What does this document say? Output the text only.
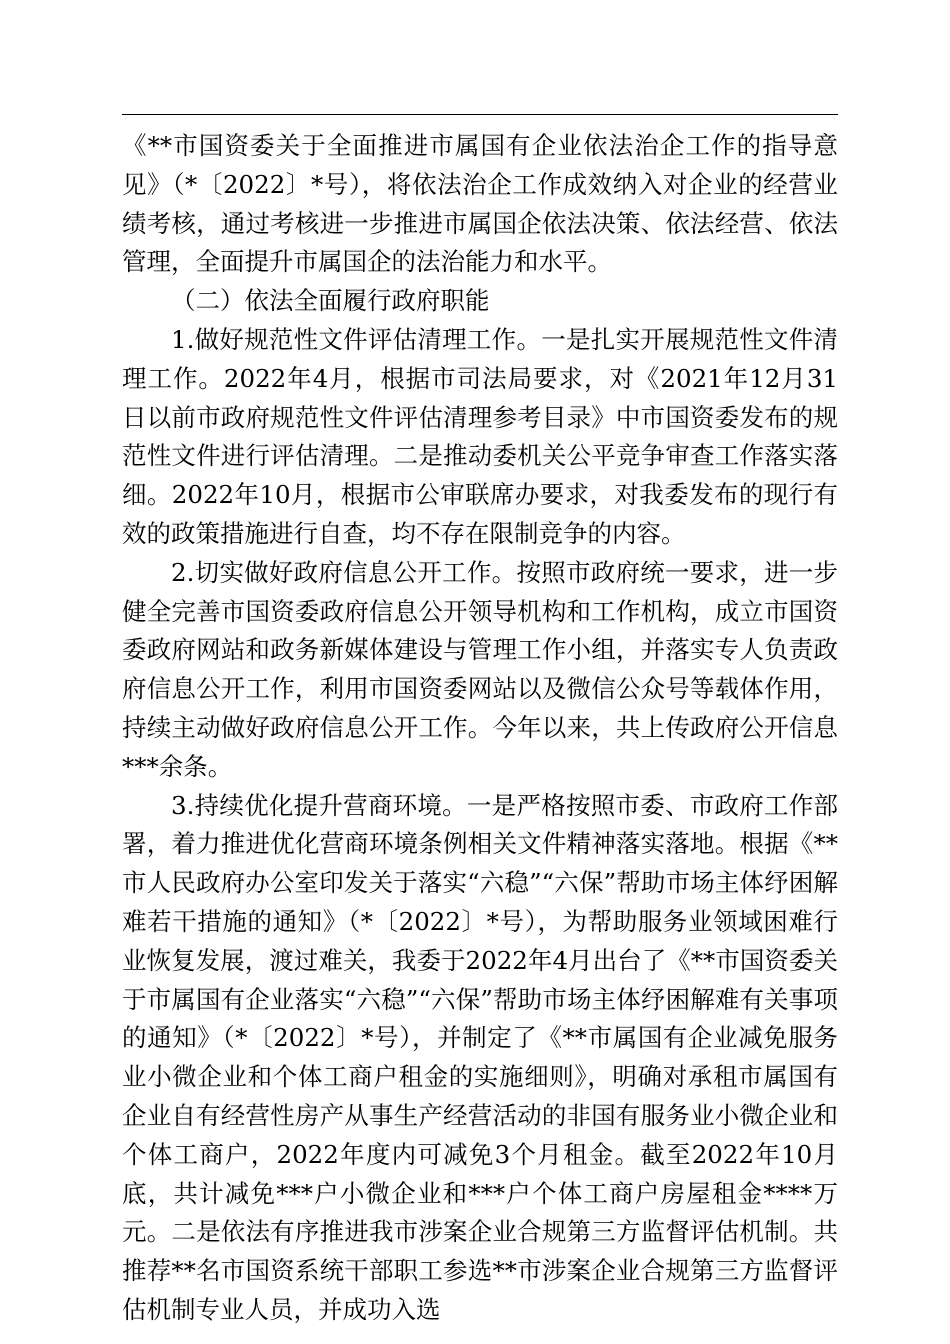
《**市国资委关于全面推进市属国有企业依法治企工作的指导意见》（*〔2022〕*号），将依法治企工作成效纳入对企业的经营业绩考核，通过考核进一步推进市属国企依法决策、依法经营、依法管理，全面提升市属国企的法治能力和水平。

（二）依法全面履行政府职能

1.做好规范性文件评估清理工作。一是扎实开展规范性文件清理工作。2022年4月，根据市司法局要求，对《2021年12月31日以前市政府规范性文件评估清理参考目录》中市国资委发布的规范性文件进行评估清理。二是推动委机关公平竞争审查工作落实落细。2022年10月，根据市公审联席办要求，对我委发布的现行有效的政策措施进行自查，均不存在限制竞争的内容。

2.切实做好政府信息公开工作。按照市政府统一要求，进一步健全完善市国资委政府信息公开领导机构和工作机构，成立市国资委政府网站和政务新媒体建设与管理工作小组，并落实专人负责政府信息公开工作，利用市国资委网站以及微信公众号等载体作用，持续主动做好政府信息公开工作。今年以来，共上传政府公开信息***余条。

3.持续优化提升营商环境。一是严格按照市委、市政府工作部署，着力推进优化营商环境条例相关文件精神落实落地。根据《**市人民政府办公室印发关于落实“六稳”“六保”帮助市场主体纾困解难若干措施的通知》（*〔2022〕*号），为帮助服务业领域困难行业恢复发展，渡过难关，我委于2022年4月出台了《**市国资委关于市属国有企业落实“六稳”“六保”帮助市场主体纾困解难有关事项的通知》（*〔2022〕*号），并制定了《**市属国有企业减免服务业小微企业和个体工商户租金的实施细则》，明确对承租市属国有企业自有经营性房产从事生产经营活动的非国有服务业小微企业和个体工商户，2022年度内可减免3个月租金。截至2022年10月底，共计减免***户小微企业和***户个体工商户房屋租金****万元。二是依法有序推进我市涉案企业合规第三方监督评估机制。共推荐**名市国资系统干部职工参选**市涉案企业合规第三方监督评估机制专业人员，并成功入选
